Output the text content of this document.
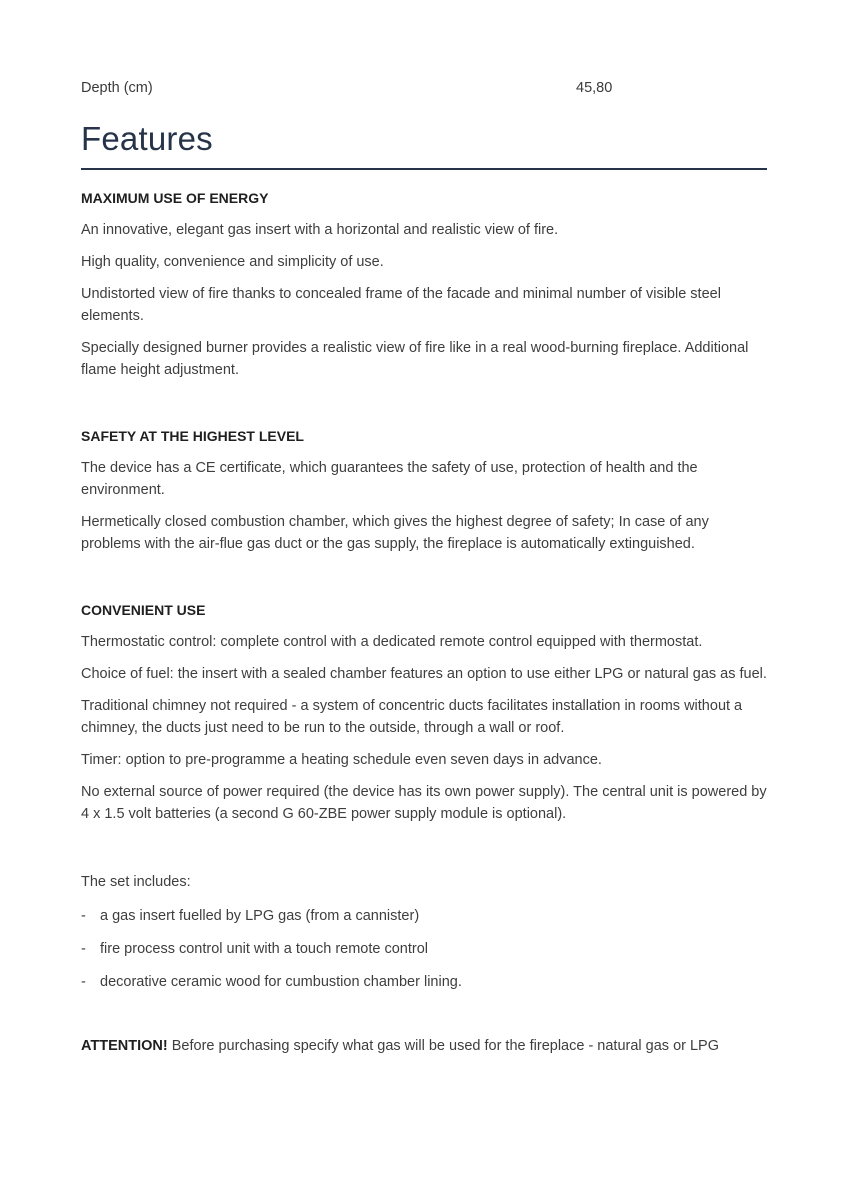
Depth (cm)	45,80
Features
MAXIMUM USE OF ENERGY

An innovative, elegant gas insert with a horizontal and realistic view of fire.

High quality, convenience and simplicity of use.

Undistorted view of fire thanks to concealed frame of the facade and minimal number of visible steel elements.

Specially designed burner provides a realistic view of fire like in a real wood-burning fireplace. Additional flame height adjustment.

SAFETY AT THE HIGHEST LEVEL

The device has a CE certificate, which guarantees the safety of use, protection of health and the environment.

Hermetically closed combustion chamber, which gives the highest degree of safety; In case of any problems with the air-flue gas duct or the gas supply, the fireplace is automatically extinguished.

CONVENIENT USE

Thermostatic control: complete control with a dedicated remote control equipped with thermostat.

Choice of fuel: the insert with a sealed chamber features an option to use either LPG or natural gas as fuel.

Traditional chimney not required - a system of concentric ducts facilitates installation in rooms without a chimney, the ducts just need to be run to the outside, through a wall or roof.

Timer: option to pre-programme a heating schedule even seven days in advance.

No external source of power required (the device has its own power supply). The central unit is powered by 4 x 1.5 volt batteries (a second G 60-ZBE power supply module is optional).

The set includes:

- a gas insert fuelled by LPG gas (from a cannister)
- fire process control unit with a touch remote control
- decorative ceramic wood for cumbustion chamber lining.
ATTENTION! Before purchasing specify what gas will be used for the fireplace - natural gas or LPG
